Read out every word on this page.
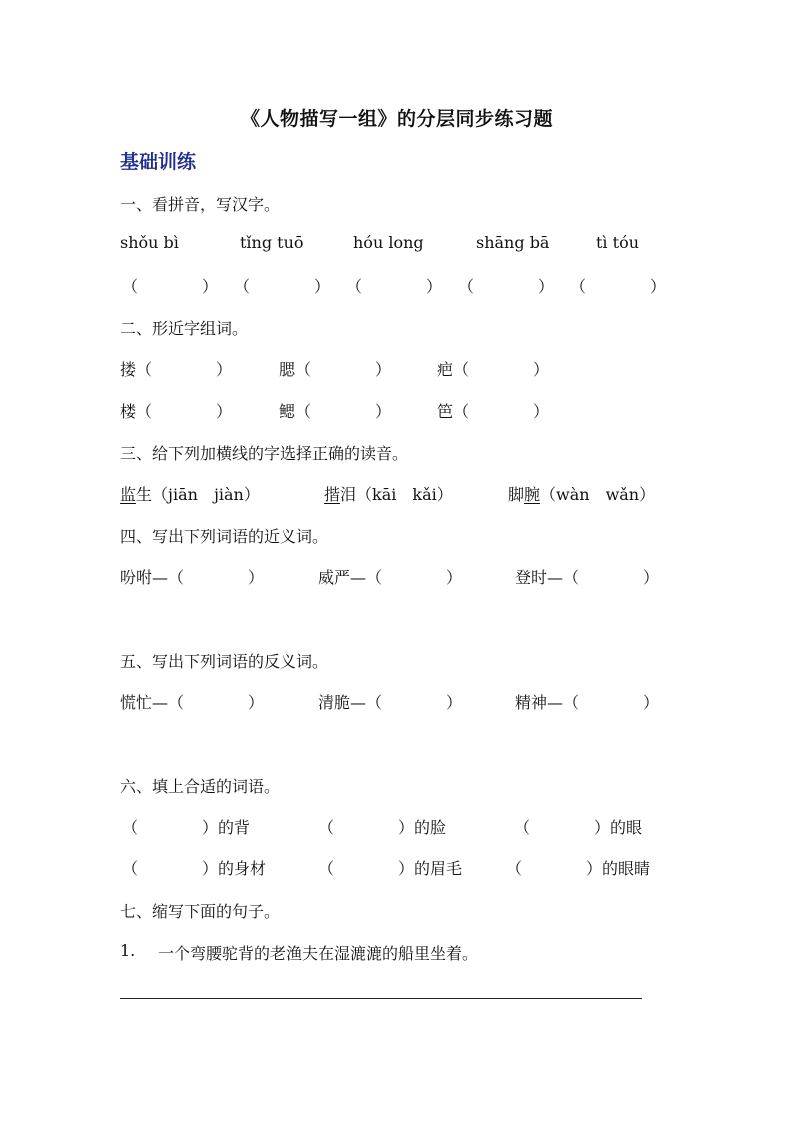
《人物描写一组》的分层同步练习题
基础训练
一、看拼音，写汉字。
shǒu bì	tǐng tuō	hóu long	shāng bā	tì tóu
（　　　　） （　　　　） （　　　　） （　　　　） （　　　　）
二、形近字组词。
搂（　　　　）	腮（　　　　）	疤（　　　　）
楼（　　　　）	鳃（　　　　）	笆（　　　　）
三、给下列加横线的字选择正确的读音。
监生（jiān　jiàn）	揩泪（kāi　kǎi）	脚腕（wàn　wǎn）
四、写出下列词语的近义词。
吩咐—（　　　　）	威严—（　　　　）	登时—（　　　　）
五、写出下列词语的反义词。
慌忙—（　　　　）	清脆—（　　　　）	精神—（　　　　）
六、填上合适的词语。
（　　　　）的背	（　　　　）的脸	（　　　　）的眼
（　　　　）的身材	（　　　　）的眉毛	（　　　　）的眼睛
七、缩写下面的句子。
1. 一个弯腰驼背的老渔夫在湿漉漉的船里坐着。
